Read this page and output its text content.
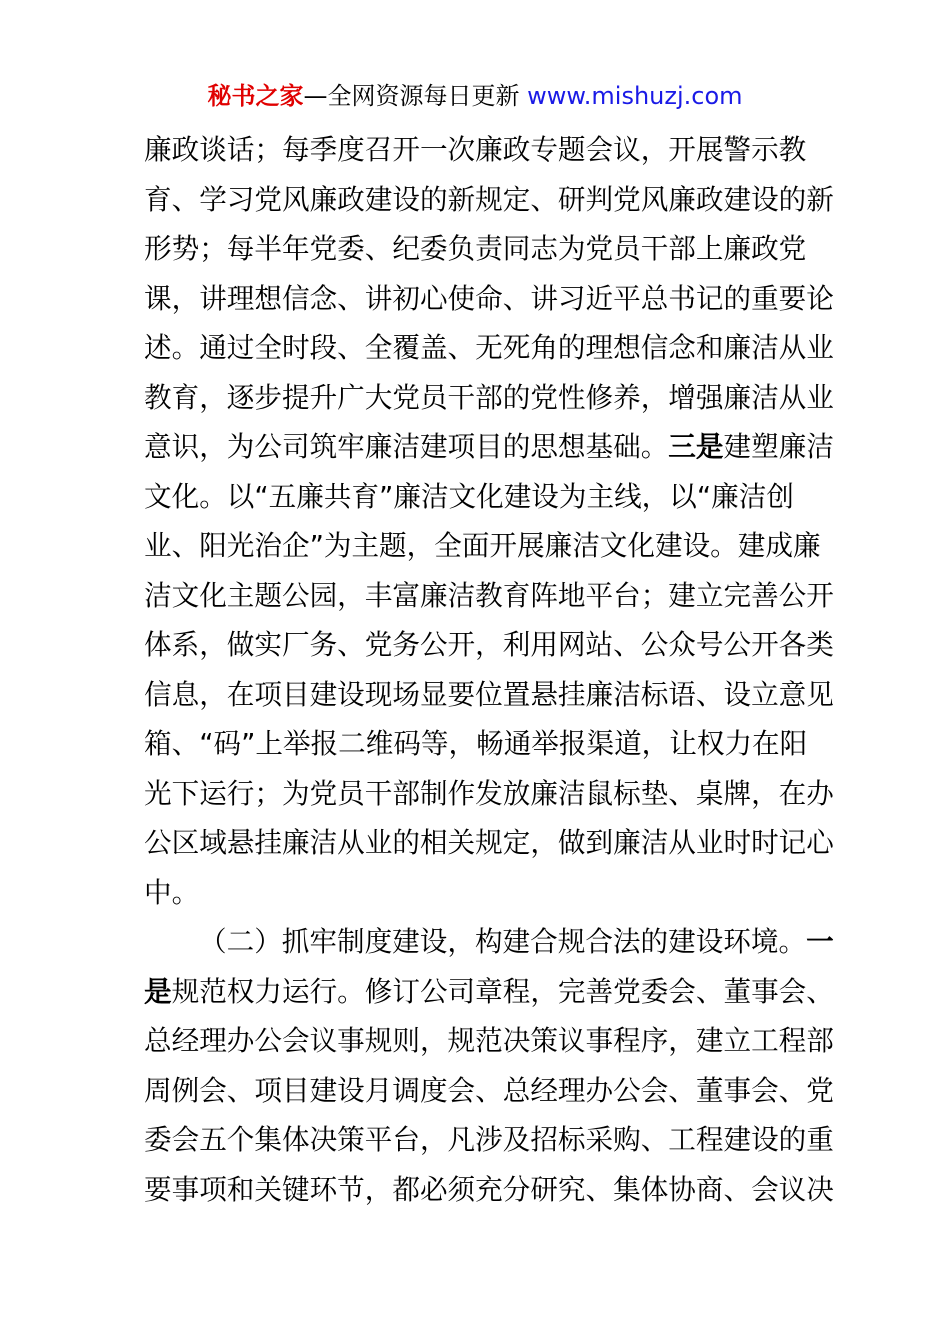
秘书之家—全网资源每日更新 www.mishuzj.com
廉政谈话；每季度召开一次廉政专题会议，开展警示教
育、学习党风廉政建设的新规定、研判党风廉政建设的新
形势；每半年党委、纪委负责同志为党员干部上廉政党
课，讲理想信念、讲初心使命、讲习近平总书记的重要论
述。通过全时段、全覆盖、无死角的理想信念和廉洁从业
教育，逐步提升广大党员干部的党性修养，增强廉洁从业
意识，为公司筑牢廉洁建项目的思想基础。三是建塑廉洁
文化。以“五廉共育”廉洁文化建设为主线，以“廉洁创
业、阳光治企”为主题，全面开展廉洁文化建设。建成廉
洁文化主题公园，丰富廉洁教育阵地平台；建立完善公开
体系，做实厂务、党务公开，利用网站、公众号公开各类
信息，在项目建设现场显要位置悬挂廉洁标语、设立意见
箱、“码”上举报二维码等，畅通举报渠道，让权力在阳
光下运行；为党员干部制作发放廉洁鼠标垫、桌牌，在办
公区域悬挂廉洁从业的相关规定，做到廉洁从业时时记心
中。
（二）抓牢制度建设，构建合规合法的建设环境。一
是规范权力运行。修订公司章程，完善党委会、董事会、
总经理办公会议事规则，规范决策议事程序，建立工程部
周例会、项目建设月调度会、总经理办公会、董事会、党
委会五个集体决策平台，凡涉及招标采购、工程建设的重
要事项和关键环节，都必须充分研究、集体协商、会议决
